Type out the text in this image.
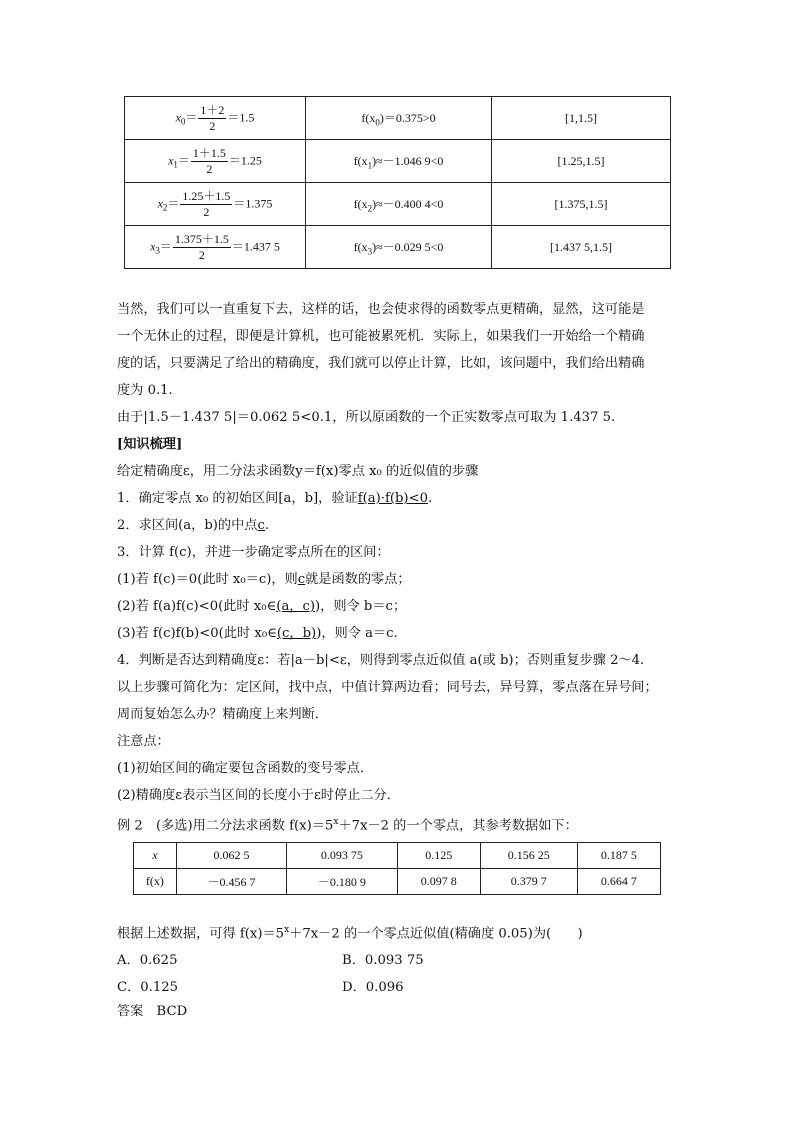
$x_0= \frac{1+2}{2} =1.5$	$f(x_0)=0.375>0$	[1,1.5]
$x_1= \frac{1+1.5}{2} =1.25$	$f(x_1)\approx-1.046$ 9<0	[1.25,1.5]
$x_2= \frac{1.25+1.5}{2} =1.375$	$f(x_2)\approx-0.400$ 4<0	[1.375,1.5]
$x_3= \frac{1.375+1.5}{2} =1.437$ 5	$f(x_3)\approx-0.029$ 5<0	[1.437 5,1.5]
当然，我们可以一直重复下去，这样的话，也会使求得的函数零点更精确，显然，这可能是
一个无休止的过程，即便是计算机，也可能被累死机．实际上，如果我们一开始给一个精确
度的话，只要满足了给出的精确度，我们就可以停止计算，比如，该问题中，我们给出精确
度为 0.1.
由于|1.5－1.437 5|＝0.062 5<0.1，所以原函数的一个正实数零点可取为 1.437 5.
[知识梳理]
给定精确度ε，用二分法求函数y＝f(x)零点 x₀ 的近似值的步骤
1．确定零点 x₀ 的初始区间[a，b]，验证f(a)·f(b)<0.
2．求区间(a，b)的中点c.
3．计算 f(c)，并进一步确定零点所在的区间：
(1)若 f(c)＝0(此时 x₀＝c)，则c就是函数的零点；
(2)若 f(a)f(c)<0(此时 x₀∈(a，c))，则令 b＝c；
(3)若 f(c)f(b)<0(此时 x₀∈(c，b))，则令 a＝c.
4．判断是否达到精确度ε：若|a－b|<ε，则得到零点近似值 a(或 b)；否则重复步骤 2～4.
以上步骤可简化为：定区间，找中点，中值计算两边看；同号去，异号算，零点落在异号间；
周而复始怎么办？精确度上来判断．
注意点：
(1)初始区间的确定要包含函数的变号零点．
(2)精确度ε表示当区间的长度小于ε时停止二分．
例 2　(多选)用二分法求函数 $f(x)=5^x+7x-2$ 的一个零点，其参考数据如下：
x	0.062 5	0.093 75	0.125	0.156 25	0.187 5
f(x)	－0.456 7	－0.180 9	0.097 8	0.379 7	0.664 7
根据上述数据，可得 $f(x)=5^x+7x-2$ 的一个零点近似值(精确度 0.05)为(　　)
A．0.625	B．0.093 75
C．0.125	D．0.096
答案　BCD
